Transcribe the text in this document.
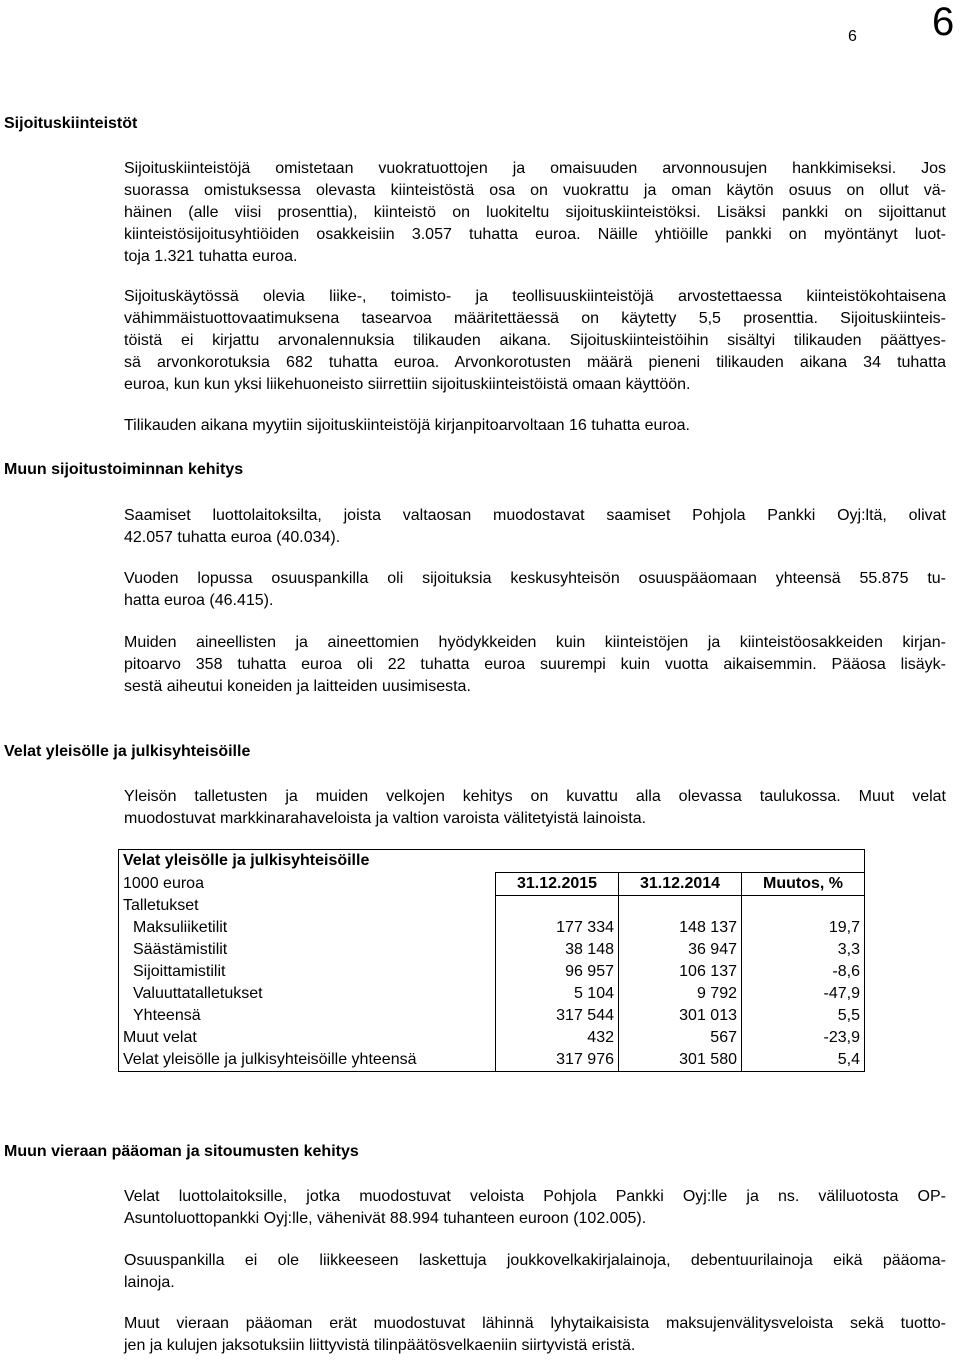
6 6
Sijoituskiinteistöt

Sijoituskiinteistöjä omistetaan vuokratuottojen ja omaisuuden arvonnousujen hankkimiseksi. Jos
suorassa omistuksessa olevasta kiinteistöstä osa on vuokrattu ja oman käytön osuus on ollut vä-
häinen (alle viisi prosenttia), kiinteistö on luokiteltu sijoituskiinteistöksi. Lisäksi pankki on sijoittanut
kiinteistösijoitusyhtiöiden osakkeisiin 3.057 tuhatta euroa. Näille yhtiöille pankki on myöntänyt luot-
toja 1.321 tuhatta euroa.

Sijoituskäytössä olevia liike-, toimisto- ja teollisuuskiinteistöjä arvostettaessa kiinteistökohtaisena
vähimmäistuottovaatimuksena tasearvoa määritettäessä on käytetty 5,5 prosenttia. Sijoituskiinteis-
töistä ei kirjattu arvonalennuksia tilikauden aikana. Sijoituskiinteistöihin sisältyi tilikauden päättyes-
sä arvonkorotuksia 682 tuhatta euroa. Arvonkorotusten määrä pieneni tilikauden aikana 34 tuhatta
euroa, kun kun yksi liikehuoneisto siirrettiin sijoituskiinteistöistä omaan käyttöön.

Tilikauden aikana myytiin sijoituskiinteistöjä kirjanpitoarvoltaan 16 tuhatta euroa.

Muun sijoitustoiminnan kehitys

Saamiset luottolaitoksilta, joista valtaosan muodostavat saamiset Pohjola Pankki Oyj:ltä, olivat
42.057 tuhatta euroa (40.034).

Vuoden lopussa osuuspankilla oli sijoituksia keskusyhteisön osuuspääomaan yhteensä 55.875 tu-
hatta euroa (46.415).

Muiden aineellisten ja aineettomien hyödykkeiden kuin kiinteistöjen ja kiinteistöosakkeiden kirjan-
pitoarvo 358 tuhatta euroa oli 22 tuhatta euroa suurempi kuin vuotta aikaisemmin. Pääosa lisäyk-
sestä aiheutui koneiden ja laitteiden uusimisesta.

Velat yleisölle ja julkisyhteisöille

Yleisön talletusten ja muiden velkojen kehitys on kuvattu alla olevassa taulukossa. Muut velat
muodostuvat markkinarahaveloista ja valtion varoista välitetyistä lainoista.

Velat yleisölle ja julkisyhteisöille			
1000 euroa	31.12.2015	31.12.2014	Muutos, %
Talletukset			
Maksuliiketilit	177 334	148 137	19,7
Säästämistilit	38 148	36 947	3,3
Sijoittamistilit	96 957	106 137	-8,6
Valuuttatalletukset	5 104	9 792	-47,9
Yhteensä	317 544	301 013	5,5
Muut velat	432	567	-23,9
Velat yleisölle ja julkisyhteisöille yhteensä	317 976	301 580	5,4
Muun vieraan pääoman ja sitoumusten kehitys

Velat luottolaitoksille, jotka muodostuvat veloista Pohjola Pankki Oyj:lle ja ns. väliluotosta OP-
Asuntoluottopankki Oyj:lle, vähenivät 88.994 tuhanteen euroon (102.005).

Osuuspankilla ei ole liikkeeseen laskettuja joukkovelkakirjalainoja, debentuurilainoja eikä pääoma-
lainoja.

Muut vieraan pääoman erät muodostuvat lähinnä lyhytaikaisista maksujenvälitysveloista sekä tuotto-
jen ja kulujen jaksotuksiin liittyvistä tilinpäätösvelkaeniin siirtyvistä eristä.
